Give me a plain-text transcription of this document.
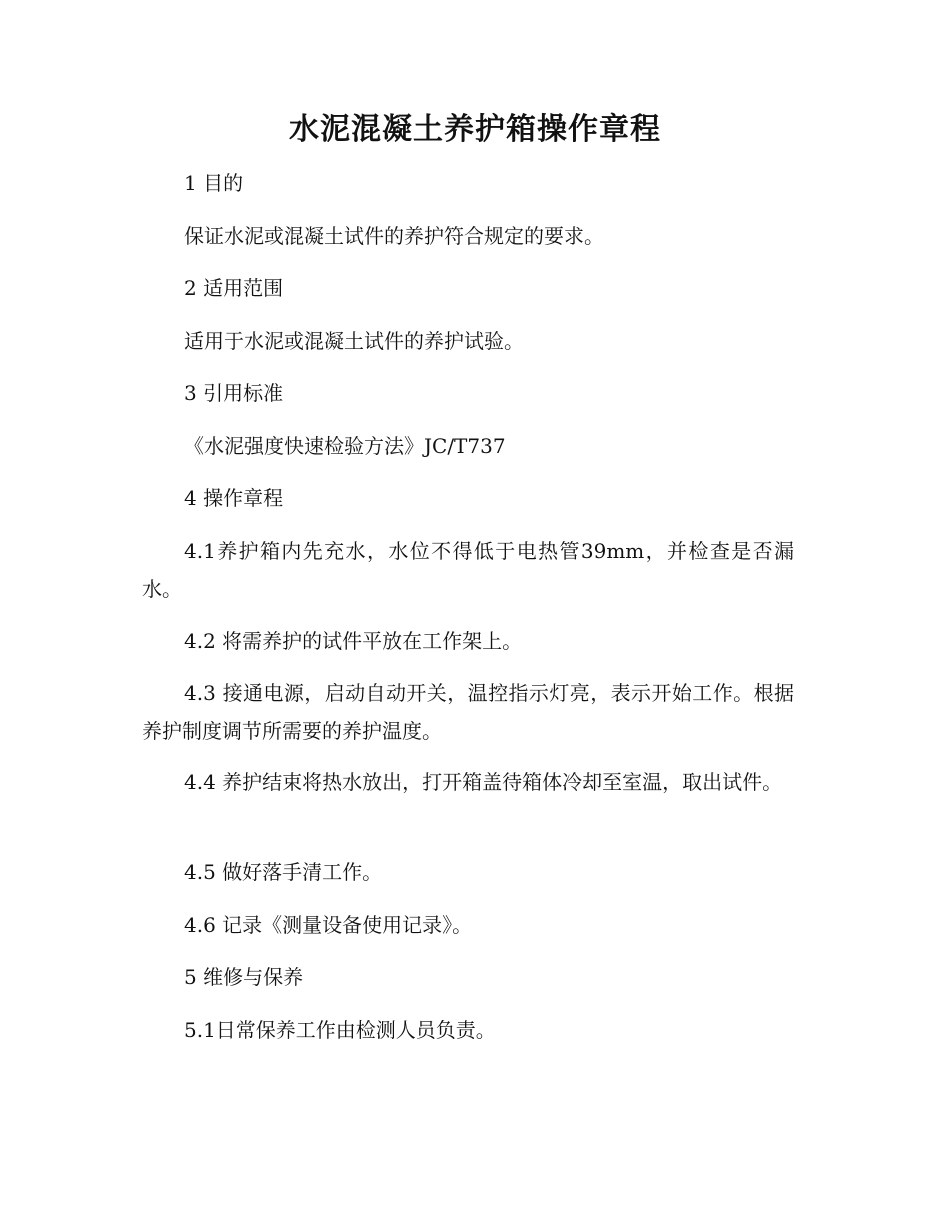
水泥混凝土养护箱操作章程

1 目的

保证水泥或混凝土试件的养护符合规定的要求。

2 适用范围

适用于水泥或混凝土试件的养护试验。

3 引用标准

《水泥强度快速检验方法》JC/T737

4 操作章程

4.1养护箱内先充水，水位不得低于电热管39mm，并检查是否漏水。

4.2 将需养护的试件平放在工作架上。

4.3 接通电源，启动自动开关，温控指示灯亮，表示开始工作。根据养护制度调节所需要的养护温度。

4.4 养护结束将热水放出，打开箱盖待箱体冷却至室温，取出试件。

4.5 做好落手清工作。

4.6 记录《测量设备使用记录》。

5 维修与保养

5.1日常保养工作由检测人员负责。
